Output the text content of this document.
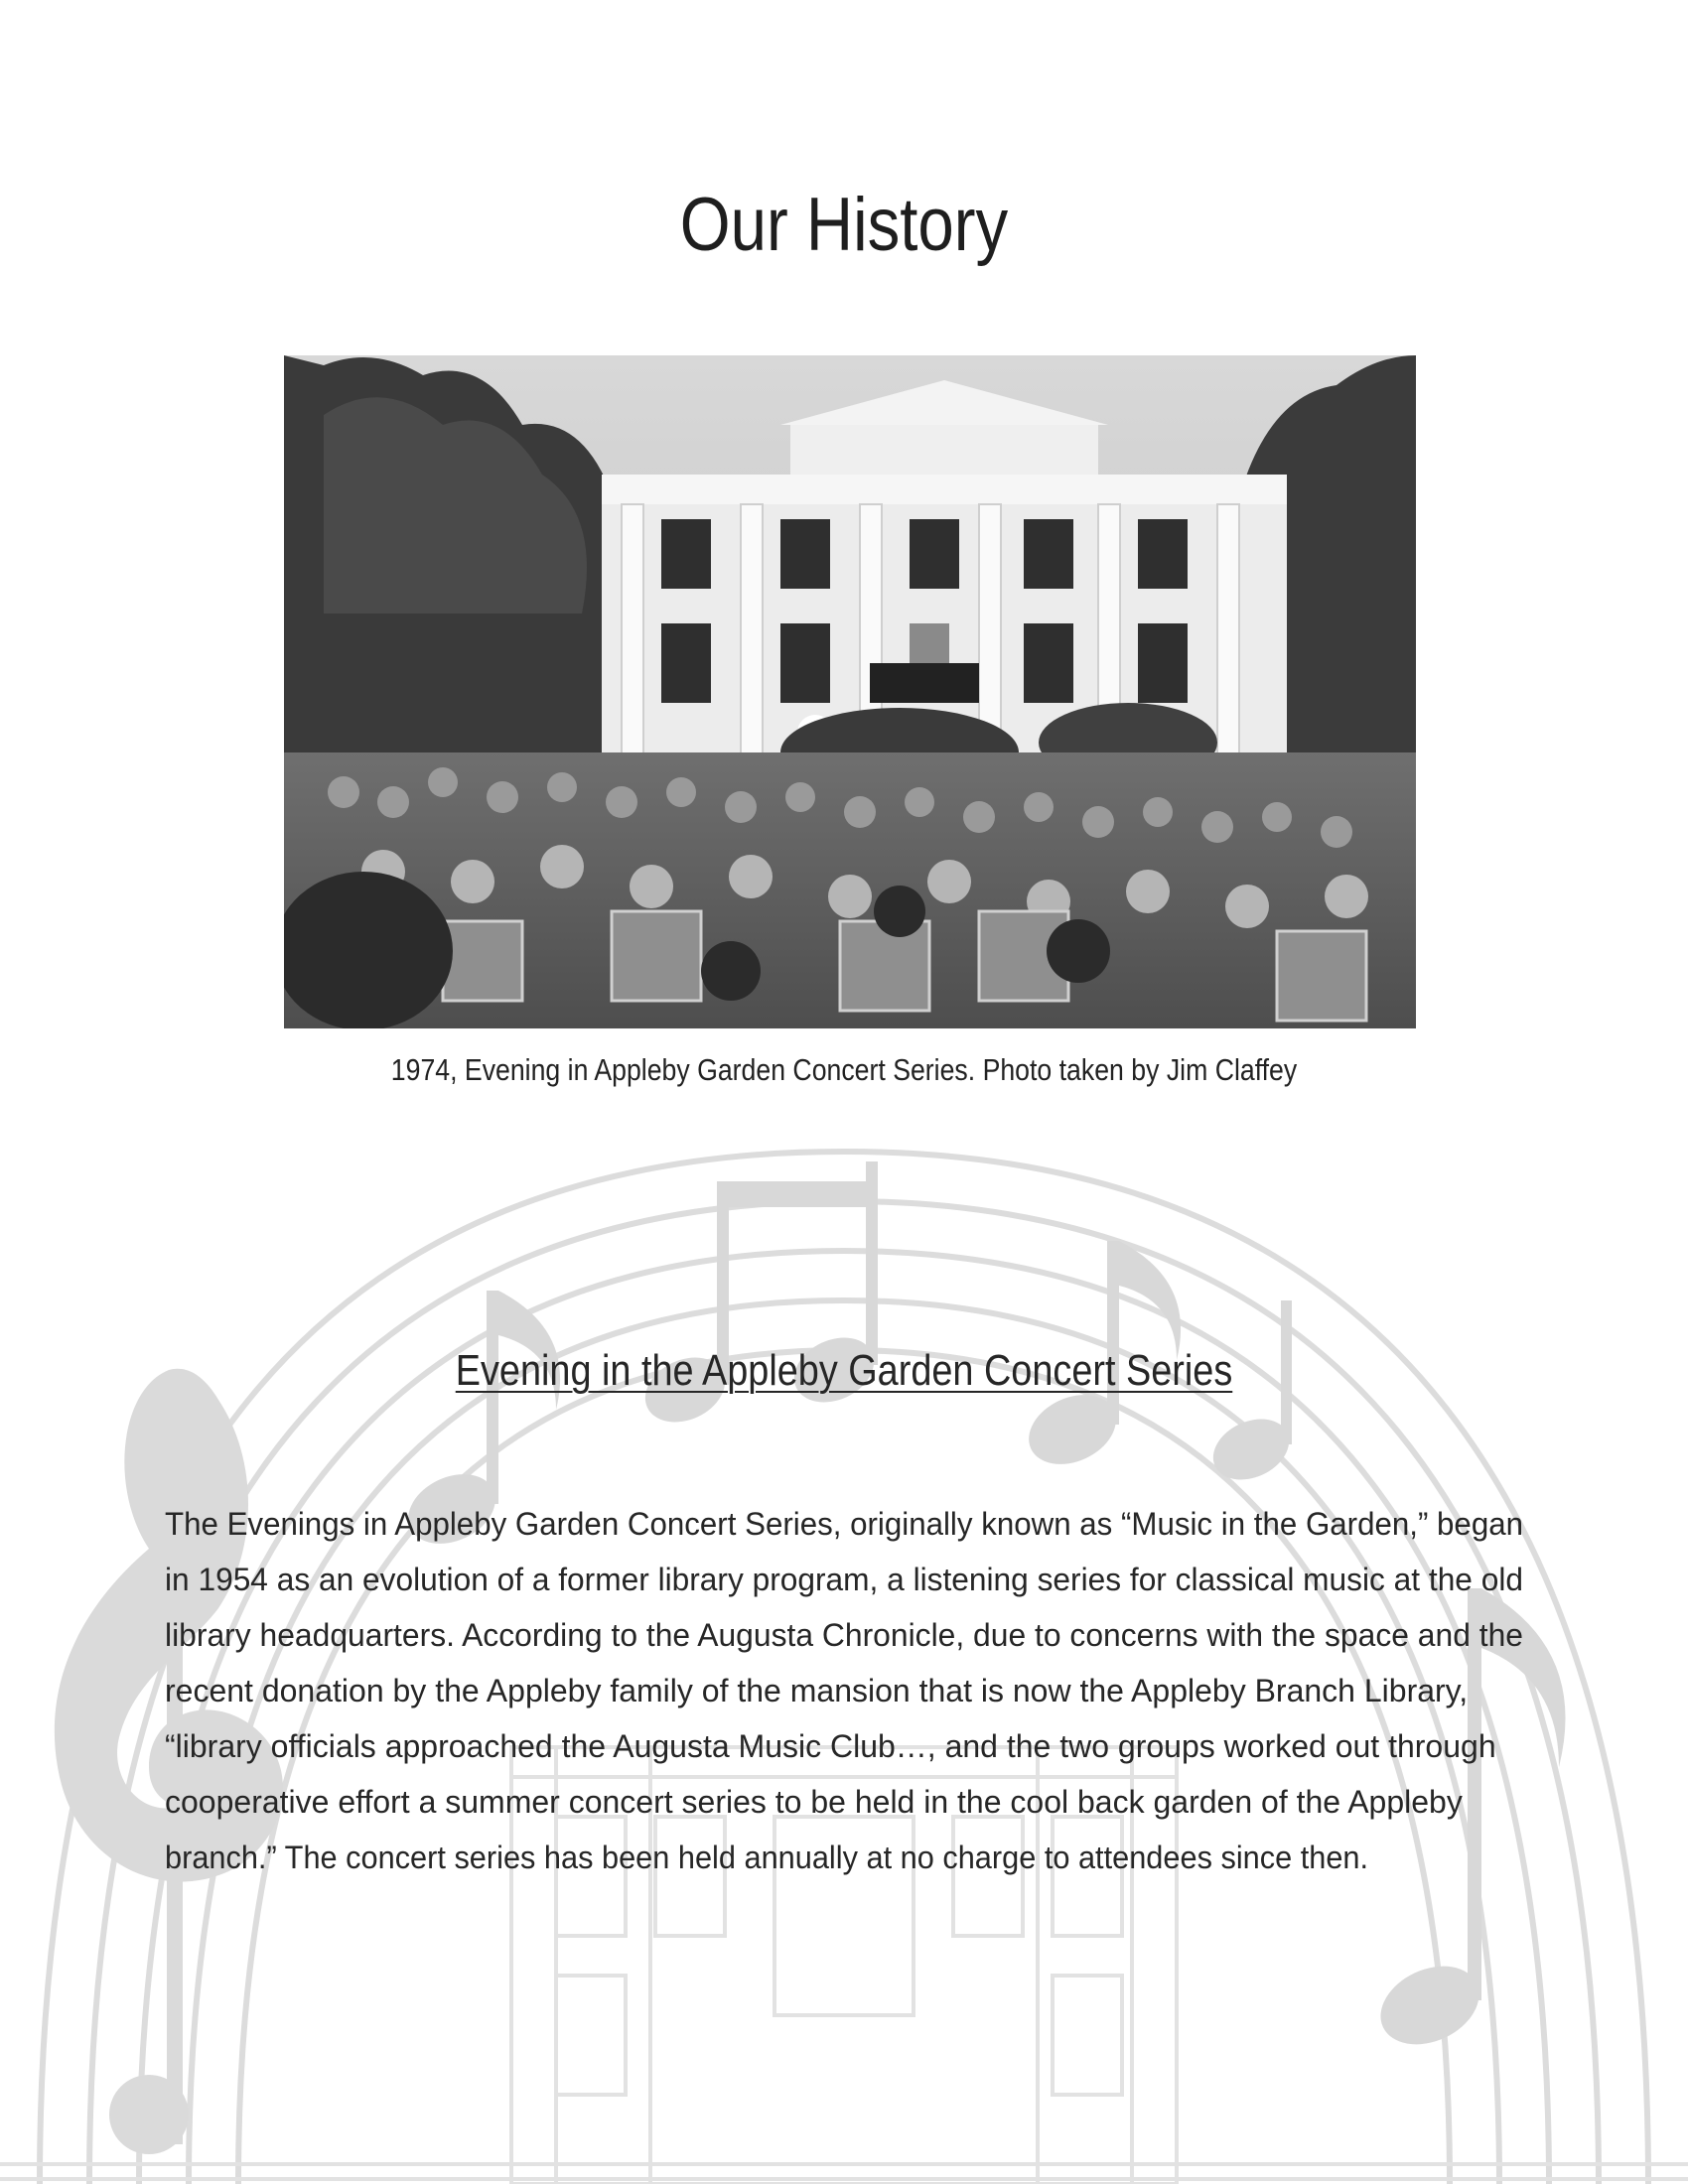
Our History
1974, Evening in Appleby Garden Concert Series. Photo taken by Jim Claffey
Evening in the Appleby Garden Concert Series
The Evenings in Appleby Garden Concert Series, originally known as “Music in the Garden,” began
in 1954 as an evolution of a former library program, a listening series for classical music at the old
library headquarters. According to the Augusta Chronicle, due to concerns with the space and the
recent donation by the Appleby family of the mansion that is now the Appleby Branch Library,
“library officials approached the Augusta Music Club…, and the two groups worked out through
cooperative effort a summer concert series to be held in the cool back garden of the Appleby
branch.” The concert series has been held annually at no charge to attendees since then.
